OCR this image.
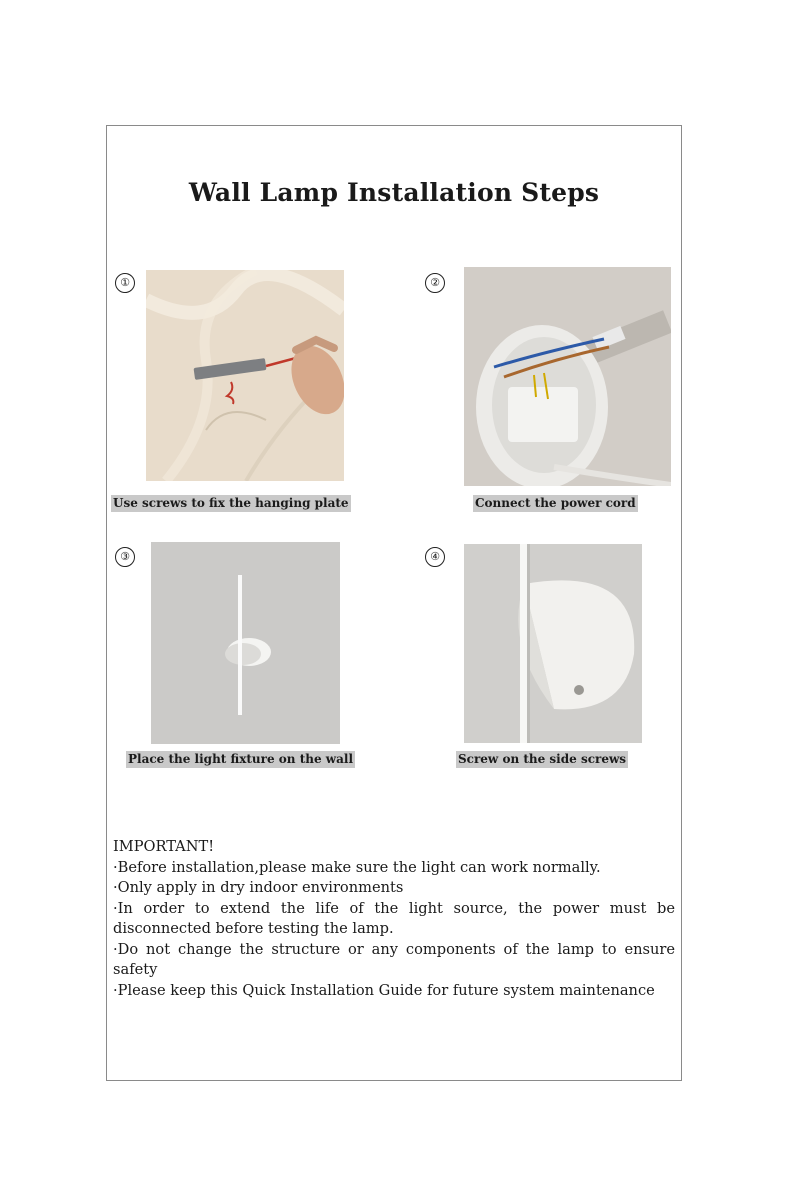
Wall Lamp Installation Steps
①
Use screws to fix the hanging plate
②
Connect the power cord
③
Place the light fixture on the wall
④
Screw on the side screws

IMPORTANT!

·Before installation,please make sure the light can work normally.

·Only apply in dry indoor environments

·In order to extend the life of the light source, the power must be disconnected before testing the lamp.

·Do not change the structure or any components of the lamp to ensure safety

·Please keep this Quick Installation Guide for future system maintenance
